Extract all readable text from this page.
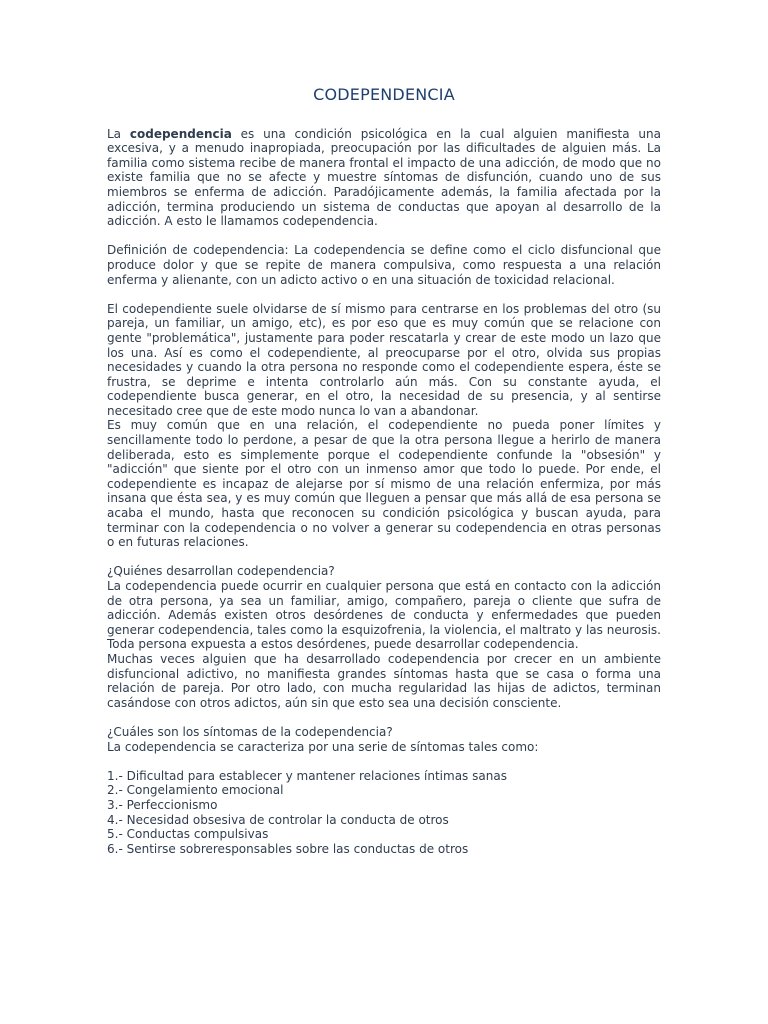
CODEPENDENCIA

La codependencia es una condición psicológica en la cual alguien manifiesta una excesiva, y a menudo inapropiada, preocupación por las dificultades de alguien más. La familia como sistema recibe de manera frontal el impacto de una adicción, de modo que no existe familia que no se afecte y muestre síntomas de disfunción, cuando uno de sus miembros se enferma de adicción. Paradójicamente además, la familia afectada por la adicción, termina produciendo un sistema de conductas que apoyan al desarrollo de la adicción. A esto le llamamos codependencia.

Definición de codependencia: La codependencia se define como el ciclo disfuncional que produce dolor y que se repite de manera compulsiva, como respuesta a una relación enferma y alienante, con un adicto activo o en una situación de toxicidad relacional.

El codependiente suele olvidarse de sí mismo para centrarse en los problemas del otro (su pareja, un familiar, un amigo, etc), es por eso que es muy común que se relacione con gente "problemática", justamente para poder rescatarla y crear de este modo un lazo que los una. Así es como el codependiente, al preocuparse por el otro, olvida sus propias necesidades y cuando la otra persona no responde como el codependiente espera, éste se frustra, se deprime e intenta controlarlo aún más. Con su constante ayuda, el codependiente busca generar, en el otro, la necesidad de su presencia, y al sentirse necesitado cree que de este modo nunca lo van a abandonar.

Es muy común que en una relación, el codependiente no pueda poner límites y sencillamente todo lo perdone, a pesar de que la otra persona llegue a herirlo de manera deliberada, esto es simplemente porque el codependiente confunde la "obsesión" y "adicción" que siente por el otro con un inmenso amor que todo lo puede. Por ende, el codependiente es incapaz de alejarse por sí mismo de una relación enfermiza, por más insana que ésta sea, y es muy común que lleguen a pensar que más allá de esa persona se acaba el mundo, hasta que reconocen su condición psicológica y buscan ayuda, para terminar con la codependencia o no volver a generar su codependencia en otras personas o en futuras relaciones.

¿Quiénes desarrollan codependencia?

La codependencia puede ocurrir en cualquier persona que está en contacto con la adicción de otra persona, ya sea un familiar, amigo, compañero, pareja o cliente que sufra de adicción. Además existen otros desórdenes de conducta y enfermedades que pueden generar codependencia, tales como la esquizofrenia, la violencia, el maltrato y las neurosis. Toda persona expuesta a estos desórdenes, puede desarrollar codependencia.

Muchas veces alguien que ha desarrollado codependencia por crecer en un ambiente disfuncional adictivo, no manifiesta grandes síntomas hasta que se casa o forma una relación de pareja. Por otro lado, con mucha regularidad las hijas de adictos, terminan casándose con otros adictos, aún sin que esto sea una decisión consciente.

¿Cuáles son los síntomas de la codependencia?

La codependencia se caracteriza por una serie de síntomas tales como:

1.- Dificultad para establecer y mantener relaciones íntimas sanas
2.- Congelamiento emocional
3.- Perfeccionismo
4.- Necesidad obsesiva de controlar la conducta de otros
5.- Conductas compulsivas
6.- Sentirse sobreresponsables sobre las conductas de otros
